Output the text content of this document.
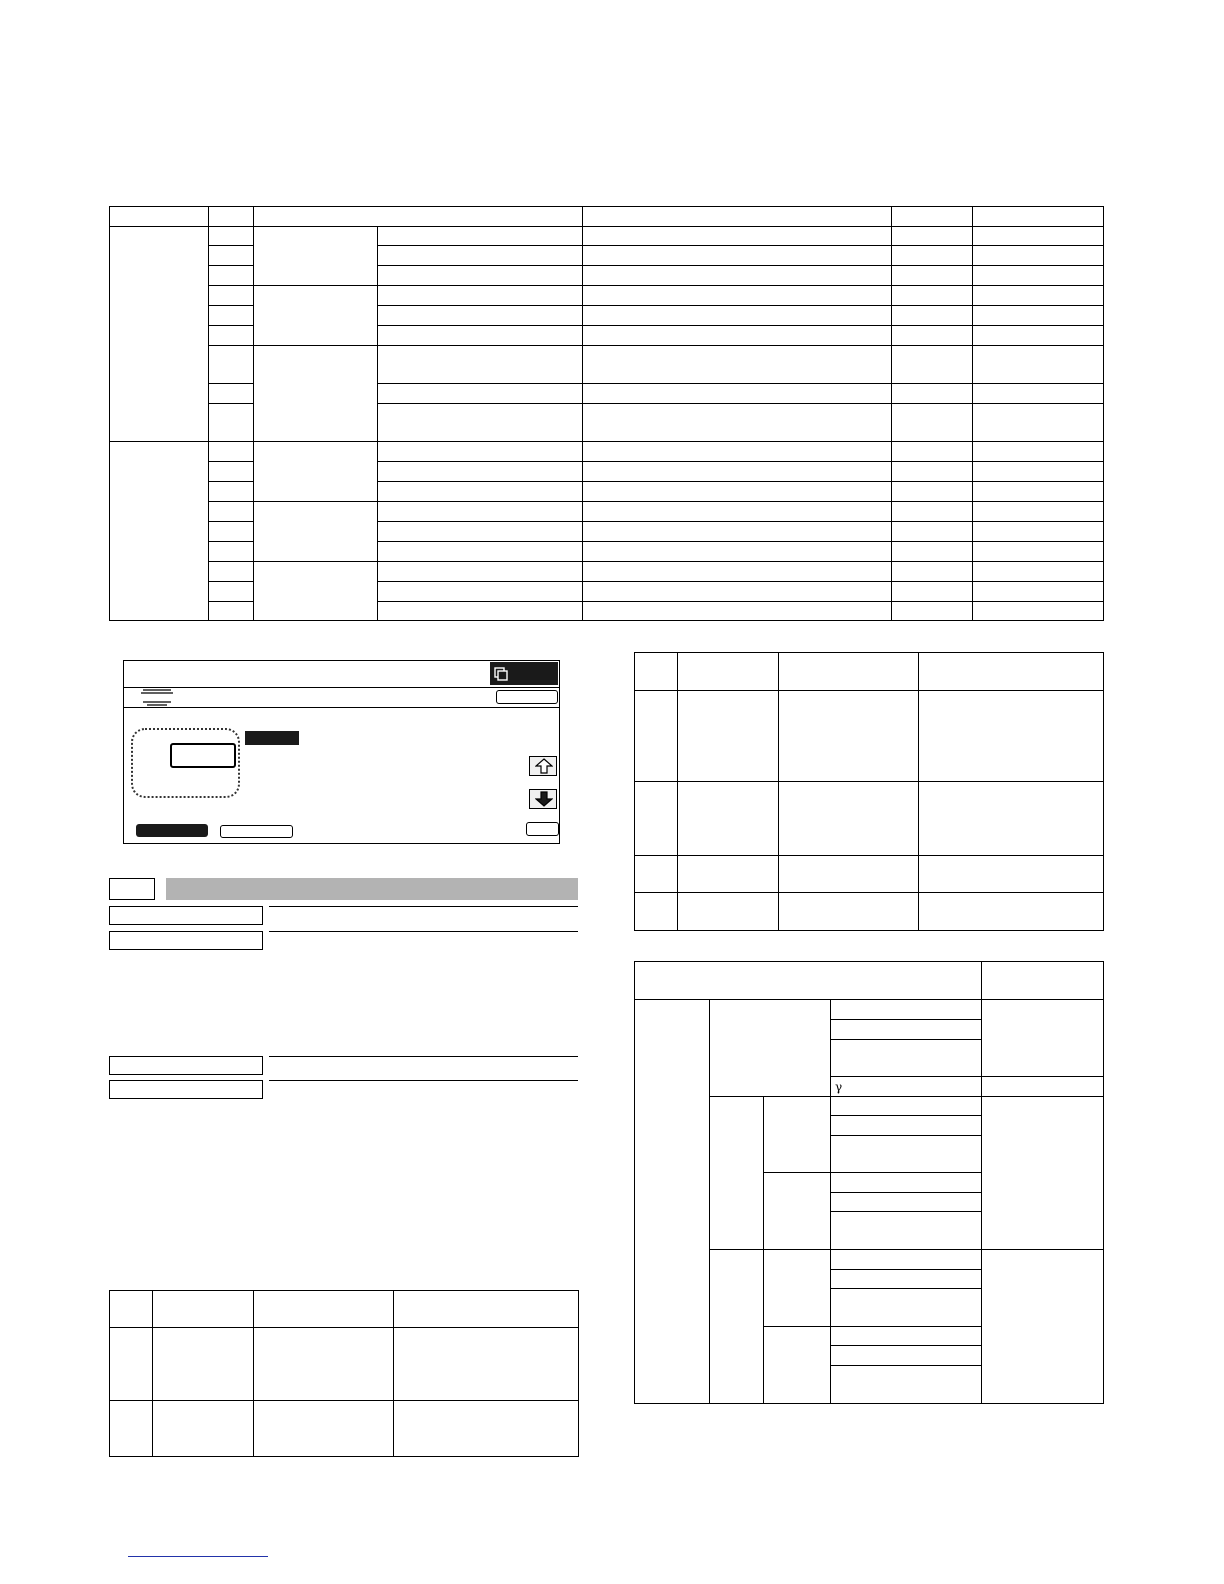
			γ	
